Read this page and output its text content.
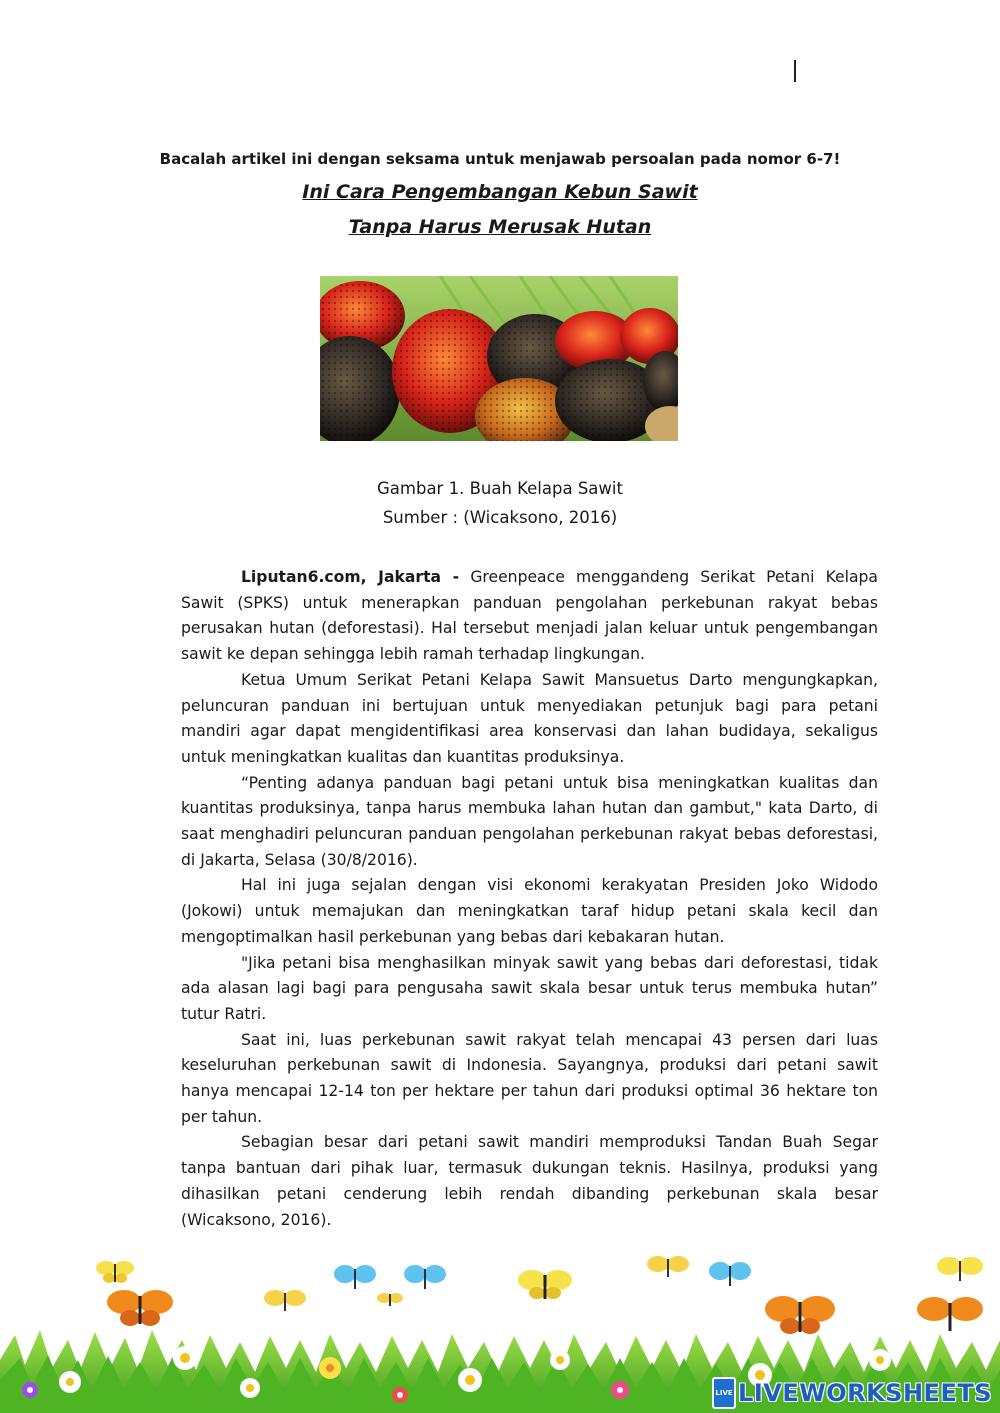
Bacalah artikel ini dengan seksama untuk menjawab persoalan pada nomor 6-7!
Ini Cara Pengembangan Kebun Sawit
Tanpa Harus Merusak Hutan
Gambar 1. Buah Kelapa Sawit
Sumber : (Wicaksono, 2016)

Liputan6.com, Jakarta - Greenpeace menggandeng Serikat Petani Kelapa Sawit (SPKS) untuk menerapkan panduan pengolahan perkebunan rakyat bebas perusakan hutan (deforestasi). Hal tersebut menjadi jalan keluar untuk pengembangan sawit ke depan sehingga lebih ramah terhadap lingkungan.

Ketua Umum Serikat Petani Kelapa Sawit Mansuetus Darto mengungkapkan, peluncuran panduan ini bertujuan untuk menyediakan petunjuk bagi para petani mandiri agar dapat mengidentifikasi area konservasi dan lahan budidaya, sekaligus untuk meningkatkan kualitas dan kuantitas produksinya.

“Penting adanya panduan bagi petani untuk bisa meningkatkan kualitas dan kuantitas produksinya, tanpa harus membuka lahan hutan dan gambut," kata Darto, di saat menghadiri peluncuran panduan pengolahan perkebunan rakyat bebas deforestasi, di Jakarta, Selasa (30/8/2016).

Hal ini juga sejalan dengan visi ekonomi kerakyatan Presiden Joko Widodo (Jokowi) untuk memajukan dan meningkatkan taraf hidup petani skala kecil dan mengoptimalkan hasil perkebunan yang bebas dari kebakaran hutan.

"Jika petani bisa menghasilkan minyak sawit yang bebas dari deforestasi, tidak ada alasan lagi bagi para pengusaha sawit skala besar untuk terus membuka hutan” tutur Ratri.

Saat ini, luas perkebunan sawit rakyat telah mencapai 43 persen dari luas keseluruhan perkebunan sawit di Indonesia. Sayangnya, produksi dari petani sawit hanya mencapai 12-14 ton per hektare per tahun dari produksi optimal 36 hektare ton per tahun.

Sebagian besar dari petani sawit mandiri memproduksi Tandan Buah Segar tanpa bantuan dari pihak luar, termasuk dukungan teknis. Hasilnya, produksi yang dihasilkan petani cenderung lebih rendah dibanding perkebunan skala besar (Wicaksono, 2016).

LIVE LIVEWORKSHEETS
